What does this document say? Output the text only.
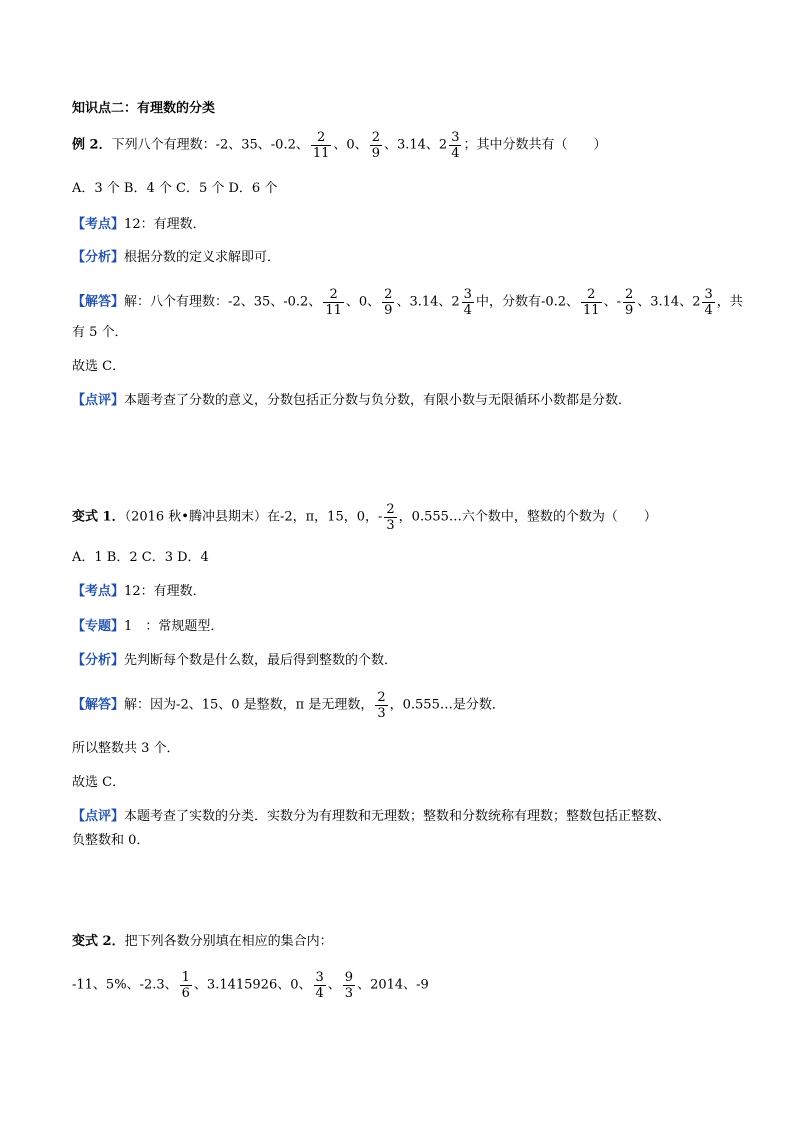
知识点二：有理数的分类
例 2．下列八个有理数：-2、35、-0.2、 $\frac{2}{11}$ 、0、 $\frac{2}{9}$ 、3.14、$2 \frac{3}{4}$ ；其中分数共有（　　）
A．3 个 B．4 个 C．5 个 D．6 个
【考点】12：有理数．
【分析】根据分数的定义求解即可．
【解答】解：八个有理数：-2、35、-0.2、 $\frac{2}{11}$ 、0、 $\frac{2}{9}$ 、3.14、$2 \frac{3}{4}$ 中，分数有-0.2、 $\frac{2}{11}$ 、- $\frac{2}{9}$ 、3.14、$2 \frac{3}{4}$ ，共
有 5 个．
故选 C．
【点评】本题考查了分数的意义，分数包括正分数与负分数，有限小数与无限循环小数都是分数．
变式 1．（2016 秋•腾冲县期末）在-2，π，15，0，- $\frac{2}{3}$ ，0.555…六个数中，整数的个数为（　　）
A．1 B．2 C．3 D．4
【考点】12：有理数．
【专题】1　：常规题型．
【分析】先判断每个数是什么数，最后得到整数的个数．
【解答】解：因为-2、15、0 是整数，π 是无理数， $\frac{2}{3}$ ，0.555…是分数．
所以整数共 3 个．
故选 C．
【点评】本题考查了实数的分类．实数分为有理数和无理数；整数和分数统称有理数；整数包括正整数、
负整数和 0．
变式 2．把下列各数分别填在相应的集合内：
-11、5%、-2.3、 $\frac{1}{6}$ 、3.1415926、0、 $\frac{3}{4}$ 、 $\frac{9}{3}$ 、2014、-9
